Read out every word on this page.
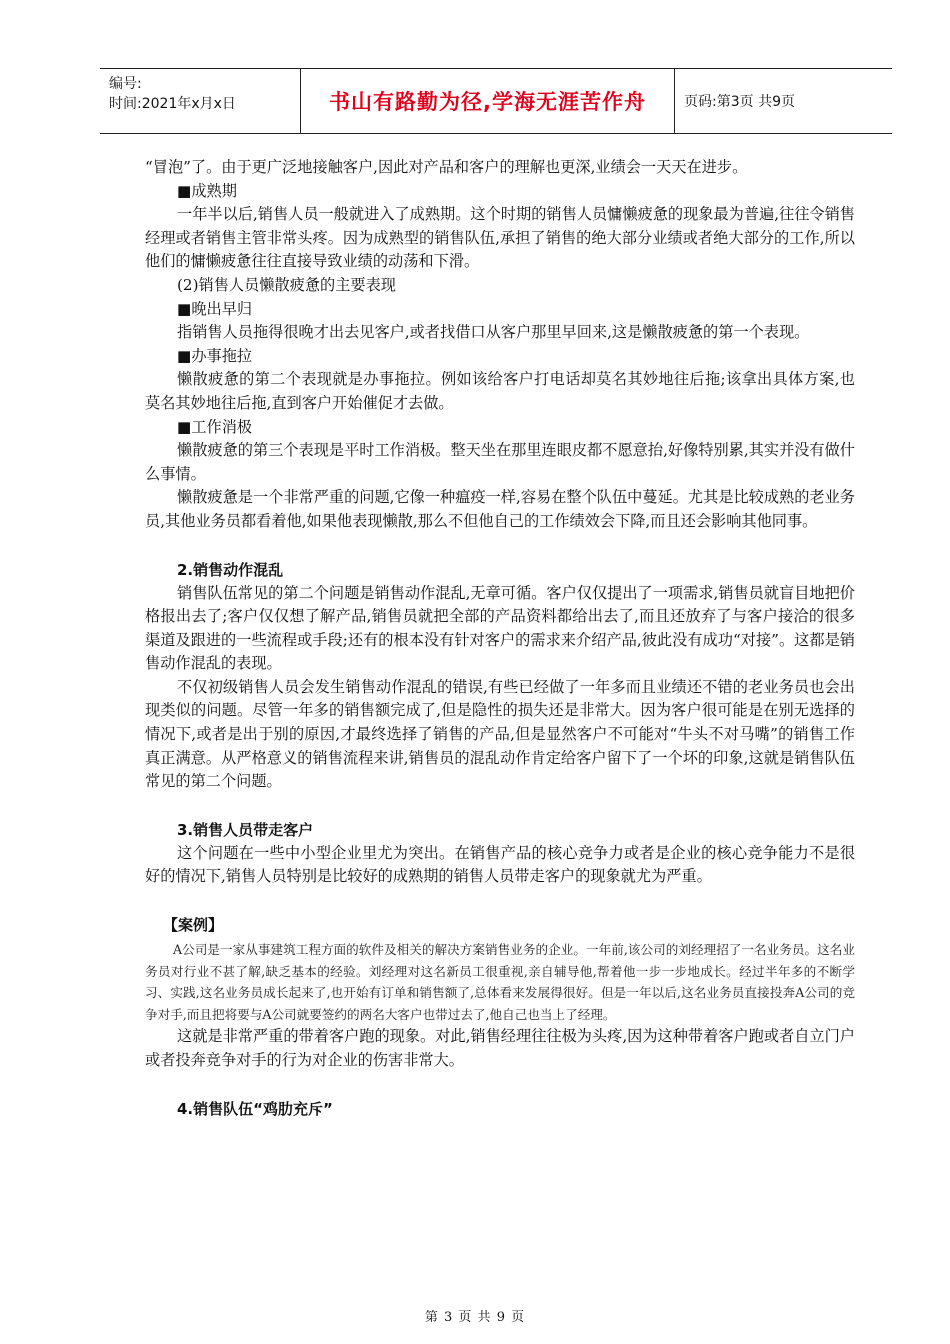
编号:
时间:2021年x月x日	书山有路勤为径,学海无涯苦作舟	页码:第3页 共9页

“冒泡”了。由于更广泛地接触客户,因此对产品和客户的理解也更深,业绩会一天天在进步。

■成熟期

一年半以后,销售人员一般就进入了成熟期。这个时期的销售人员慵懒疲惫的现象最为普遍,往往令销售经理或者销售主管非常头疼。因为成熟型的销售队伍,承担了销售的绝大部分业绩或者绝大部分的工作,所以他们的慵懒疲惫往往直接导致业绩的动荡和下滑。

(2)销售人员懒散疲惫的主要表现

■晚出早归

指销售人员拖得很晚才出去见客户,或者找借口从客户那里早回来,这是懒散疲惫的第一个表现。

■办事拖拉

懒散疲惫的第二个表现就是办事拖拉。例如该给客户打电话却莫名其妙地往后拖;该拿出具体方案,也莫名其妙地往后拖,直到客户开始催促才去做。

■工作消极

懒散疲惫的第三个表现是平时工作消极。整天坐在那里连眼皮都不愿意抬,好像特别累,其实并没有做什么事情。

懒散疲惫是一个非常严重的问题,它像一种瘟疫一样,容易在整个队伍中蔓延。尤其是比较成熟的老业务员,其他业务员都看着他,如果他表现懒散,那么不但他自己的工作绩效会下降,而且还会影响其他同事。

2.销售动作混乱

销售队伍常见的第二个问题是销售动作混乱,无章可循。客户仅仅提出了一项需求,销售员就盲目地把价格报出去了;客户仅仅想了解产品,销售员就把全部的产品资料都给出去了,而且还放弃了与客户接洽的很多渠道及跟进的一些流程或手段;还有的根本没有针对客户的需求来介绍产品,彼此没有成功“对接”。这都是销售动作混乱的表现。

不仅初级销售人员会发生销售动作混乱的错误,有些已经做了一年多而且业绩还不错的老业务员也会出现类似的问题。尽管一年多的销售额完成了,但是隐性的损失还是非常大。因为客户很可能是在别无选择的情况下,或者是出于别的原因,才最终选择了销售的产品,但是显然客户不可能对“牛头不对马嘴”的销售工作真正满意。从严格意义的销售流程来讲,销售员的混乱动作肯定给客户留下了一个坏的印象,这就是销售队伍常见的第二个问题。

3.销售人员带走客户

这个问题在一些中小型企业里尤为突出。在销售产品的核心竞争力或者是企业的核心竞争能力不是很好的情况下,销售人员特别是比较好的成熟期的销售人员带走客户的现象就尤为严重。

【案例】

A公司是一家从事建筑工程方面的软件及相关的解决方案销售业务的企业。一年前,该公司的刘经理招了一名业务员。这名业务员对行业不甚了解,缺乏基本的经验。刘经理对这名新员工很重视,亲自辅导他,帮着他一步一步地成长。经过半年多的不断学习、实践,这名业务员成长起来了,也开始有订单和销售额了,总体看来发展得很好。但是一年以后,这名业务员直接投奔A公司的竞争对手,而且把将要与A公司就要签约的两名大客户也带过去了,他自己也当上了经理。

这就是非常严重的带着客户跑的现象。对此,销售经理往往极为头疼,因为这种带着客户跑或者自立门户或者投奔竞争对手的行为对企业的伤害非常大。

4.销售队伍“鸡肋充斥”
第 3 页 共 9 页
